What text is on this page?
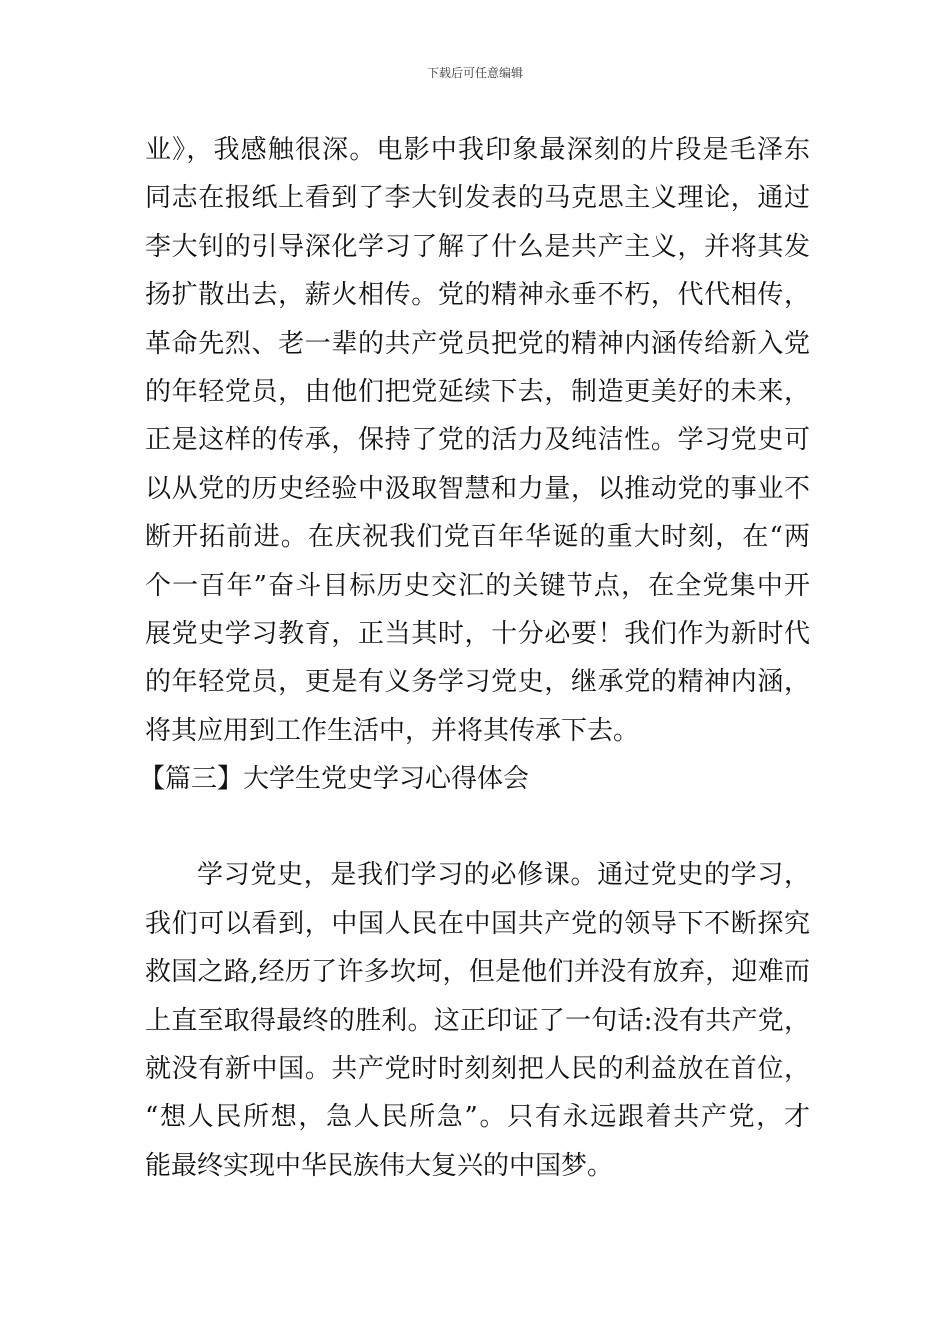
下载后可任意编辑
业》，我感触很深。电影中我印象最深刻的片段是毛泽东
同志在报纸上看到了李大钊发表的马克思主义理论，通过
李大钊的引导深化学习了解了什么是共产主义，并将其发
扬扩散出去，薪火相传。党的精神永垂不朽，代代相传，
革命先烈、老一辈的共产党员把党的精神内涵传给新入党
的年轻党员，由他们把党延续下去，制造更美好的未来，
正是这样的传承，保持了党的活力及纯洁性。学习党史可
以从党的历史经验中汲取智慧和力量，以推动党的事业不
断开拓前进。在庆祝我们党百年华诞的重大时刻，在“两
个一百年”奋斗目标历史交汇的关键节点，在全党集中开
展党史学习教育，正当其时，十分必要！我们作为新时代
的年轻党员，更是有义务学习党史，继承党的精神内涵，
将其应用到工作生活中，并将其传承下去。
【篇三】大学生党史学习心得体会
学习党史，是我们学习的必修课。通过党史的学习，
我们可以看到，中国人民在中国共产党的领导下不断探究
救国之路,经历了许多坎坷，但是他们并没有放弃，迎难而
上直至取得最终的胜利。这正印证了一句话:没有共产党，
就没有新中国。共产党时时刻刻把人民的利益放在首位，
“想人民所想，急人民所急”。只有永远跟着共产党，才
能最终实现中华民族伟大复兴的中国梦。
